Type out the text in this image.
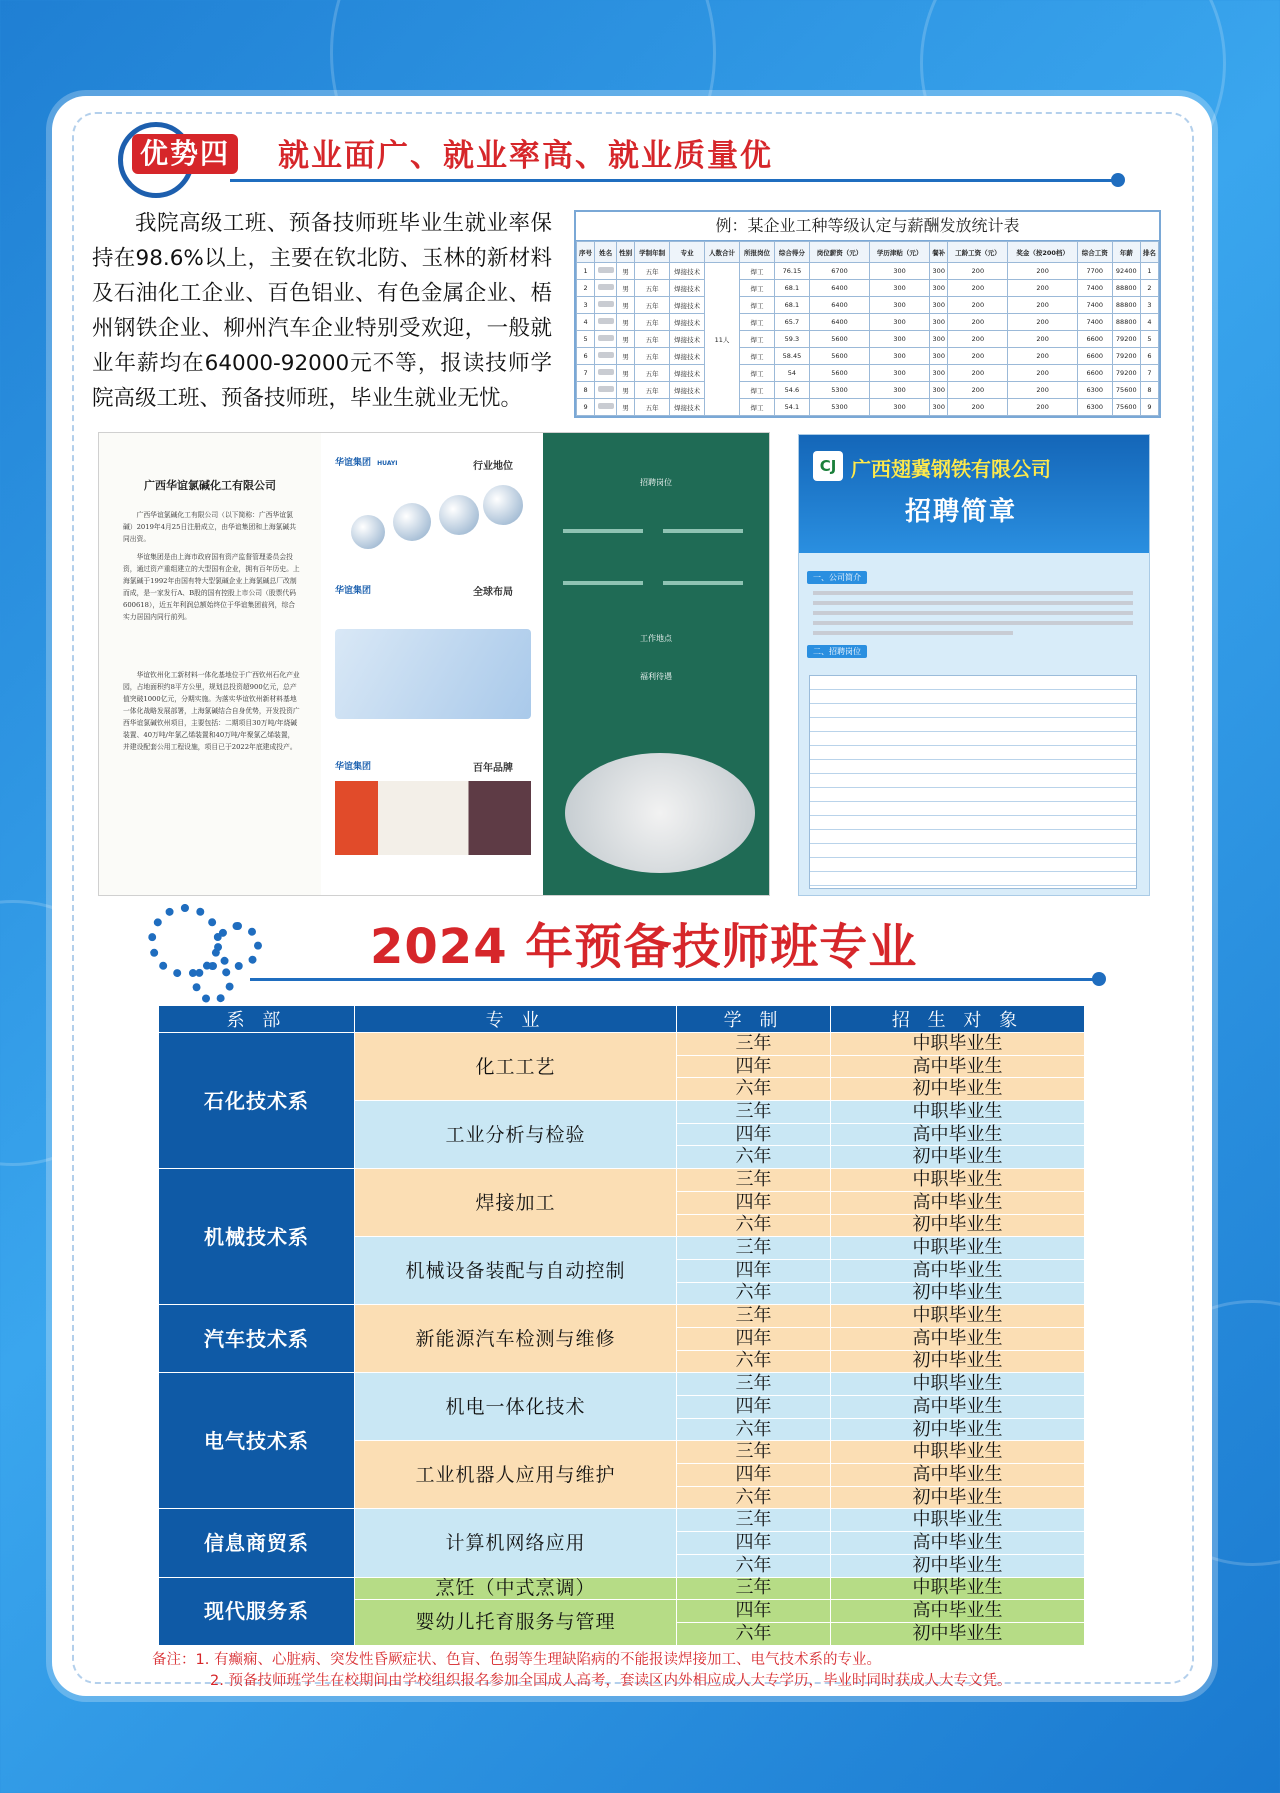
优势四 就业面广、就业率高、就业质量优
我院高级工班、预备技师班毕业生就业率保持在98.6%以上，主要在钦北防、玉林的新材料及石油化工企业、百色铝业、有色金属企业、梧州钢铁企业、柳州汽车企业特别受欢迎，一般就业年薪均在64000-92000元不等，报读技师学院高级工班、预备技师班，毕业生就业无忧。
例：某企业工种等级认定与薪酬发放统计表
序号	姓名	性别	学制年制	专业	人数合计	所报岗位	综合得分	岗位薪资（元）	学历津贴（元）	餐补	工龄工资（元）	奖金（按200档）	综合工资	年薪	排名
1		男	五年	焊接技术	11人	焊工	76.15	6700	300	300	200	200	7700	92400	1
2		男	五年	焊接技术		焊工	68.1	6400	300	300	200	200	7400	88800	2
3		男	五年	焊接技术		焊工	68.1	6400	300	300	200	200	7400	88800	3
4		男	五年	焊接技术		焊工	65.7	6400	300	300	200	200	7400	88800	4
5		男	五年	焊接技术		焊工	59.3	5600	300	300	200	200	6600	79200	5
6		男	五年	焊接技术		焊工	58.45	5600	300	300	200	200	6600	79200	6
7		男	五年	焊接技术		焊工	54	5600	300	300	200	200	6600	79200	7
8		男	五年	焊接技术		焊工	54.6	5300	300	300	200	200	6300	75600	8
9		男	五年	焊接技术		焊工	54.1	5300	300	300	200	200	6300	75600	9
广西华谊氯碱化工有限公司
广西华谊氯碱化工有限公司（以下简称：广西华谊氯碱）2019年4月25日注册成立，由华谊集团和上海氯碱共同出资。
华谊集团是由上海市政府国有资产监督管理委员会投资，通过资产重组建立的大型国有企业，拥有百年历史。上海氯碱于1992年由国有特大型氯碱企业上海氯碱总厂改制而成，是一家发行A、B股的国有控股上市公司（股票代码600618），近五年利润总额始终位于华谊集团前列，综合实力居国内同行前列。
华谊钦州化工新材料一体化基地位于广西钦州石化产业园，占地面积约8平方公里，规划总投资超900亿元，总产值突破1000亿元，分期实施。为落实华谊钦州新材料基地一体化战略发展部署，上海氯碱结合自身优势，开发投资广西华谊氯碱钦州项目，主要包括：二期项目30万吨/年烧碱装置、40万吨/年氯乙烯装置和40万吨/年聚氯乙烯装置，并建设配套公用工程设施，项目已于2022年底建成投产。
华谊集团 HUAYI	行业地位
华谊集团	全球布局
华谊集团	百年品牌
招聘岗位
工作地点
福利待遇
CJ 广西翅冀钢铁有限公司
招聘简章
一、公司简介
二、招聘岗位
2024 年预备技师班专业
系 部	专 业	学 制	招 生 对 象
石化技术系	化工工艺	三年	中职毕业生
		四年	高中毕业生
		六年	初中毕业生
	工业分析与检验	三年	中职毕业生
		四年	高中毕业生
		六年	初中毕业生
机械技术系	焊接加工	三年	中职毕业生
		四年	高中毕业生
		六年	初中毕业生
	机械设备装配与自动控制	三年	中职毕业生
		四年	高中毕业生
		六年	初中毕业生
汽车技术系	新能源汽车检测与维修	三年	中职毕业生
		四年	高中毕业生
		六年	初中毕业生
电气技术系	机电一体化技术	三年	中职毕业生
		四年	高中毕业生
		六年	初中毕业生
	工业机器人应用与维护	三年	中职毕业生
		四年	高中毕业生
		六年	初中毕业生
信息商贸系	计算机网络应用	三年	中职毕业生
		四年	高中毕业生
		六年	初中毕业生
现代服务系	烹饪（中式烹调）	三年	中职毕业生
	婴幼儿托育服务与管理	四年	高中毕业生
		六年	初中毕业生
备注：1. 有癫痫、心脏病、突发性昏厥症状、色盲、色弱等生理缺陷病的不能报读焊接加工、电气技术系的专业。
2. 预备技师班学生在校期间由学校组织报名参加全国成人高考，套读区内外相应成人大专学历，毕业时同时获成人大专文凭。
